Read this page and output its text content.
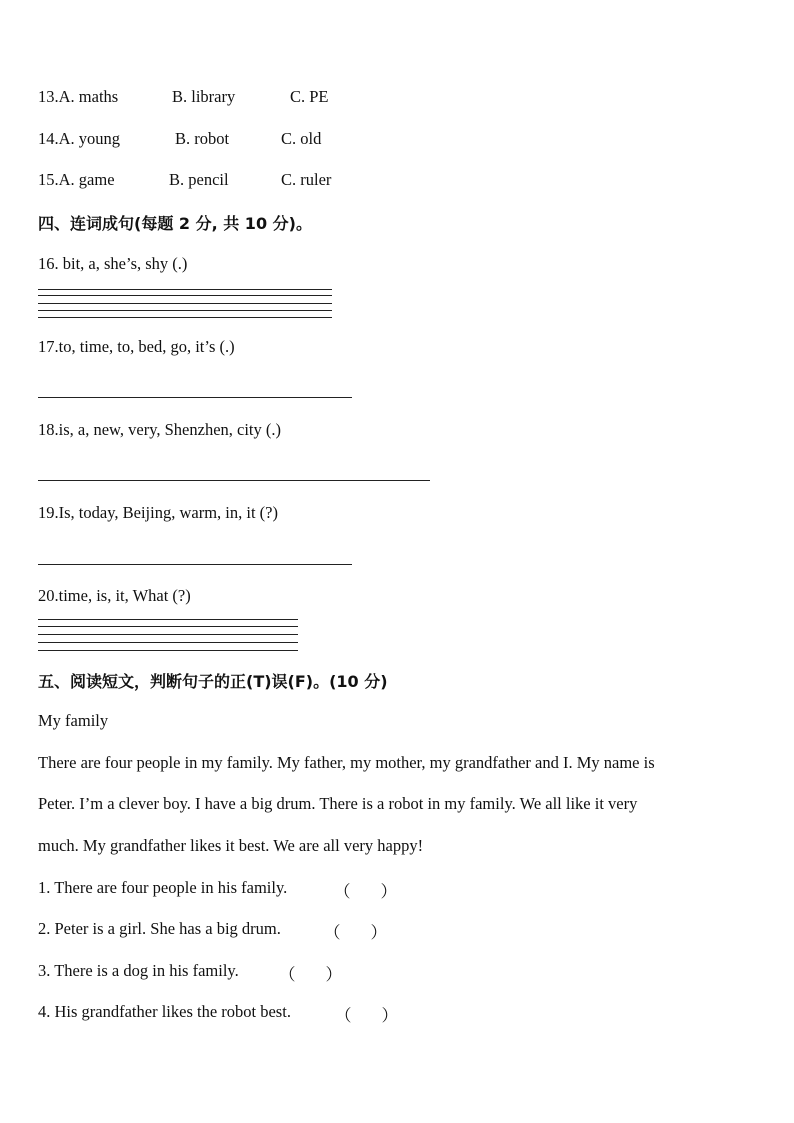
13.A. maths	B. library	C. PE
14.A. young	B. robot	C. old
15.A. game	B. pencil	C. ruler
四、连词成句(每题 2 分, 共 10 分)。
16. bit, a, she’s, shy (.)
17.to, time, to, bed, go, it’s (.)
18.is, a, new, very, Shenzhen, city (.)
19.Is, today, Beijing, warm, in, it (?)
20.time, is, it, What (?)
五、阅读短文，判断句子的正(T)误(F)。(10 分)
My family
There are four people in my family. My father, my mother, my grandfather and I. My name is
Peter. I’m a clever boy. I have a big drum. There is a robot in my family. We all like it very
much. My grandfather likes it best. We are all very happy!
1. There are four people in his family.	（ ）
2. Peter is a girl. She has a big drum.	（ ）
3. There is a dog in his family. （ ）
4. His grandfather likes the robot best.	（ ）
